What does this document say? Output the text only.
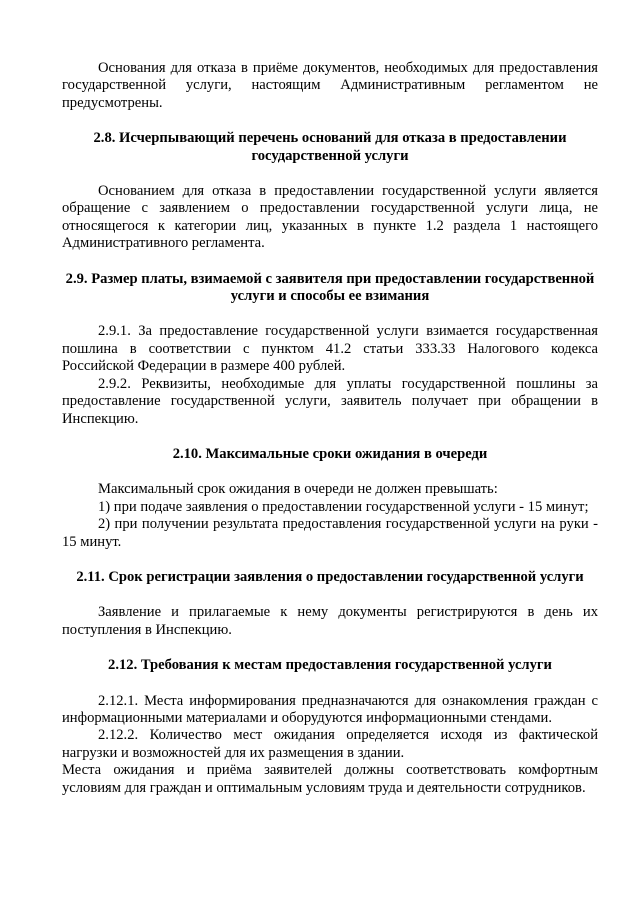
Основания для отказа в приёме документов, необходимых для предоставления государственной услуги, настоящим Административным регламентом не предусмотрены.

2.8. Исчерпывающий перечень оснований для отказа в предоставлении государственной услуги

Основанием для отказа в предоставлении государственной услуги является обращение с заявлением о предоставлении государственной услуги лица, не относящегося к категории лиц, указанных в пункте 1.2 раздела 1 настоящего Административного регламента.

2.9. Размер платы, взимаемой с заявителя при предоставлении государственной услуги и способы ее взимания

2.9.1. За предоставление государственной услуги взимается государственная пошлина в соответствии с пунктом 41.2 статьи 333.33 Налогового кодекса Российской Федерации в размере 400 рублей.

2.9.2. Реквизиты, необходимые для уплаты государственной пошлины за предоставление государственной услуги, заявитель получает при обращении в Инспекцию.

2.10. Максимальные сроки ожидания в очереди

Максимальный срок ожидания в очереди не должен превышать:

1) при подаче заявления о предоставлении государственной услуги - 15 минут;

2) при получении результата предоставления государственной услуги на руки - 15 минут.

2.11. Срок регистрации заявления о предоставлении государственной услуги

Заявление и прилагаемые к нему документы регистрируются в день их поступления в Инспекцию.

2.12. Требования к местам предоставления государственной услуги

2.12.1. Места информирования предназначаются для ознакомления граждан с информационными материалами и оборудуются информационными стендами.

2.12.2. Количество мест ожидания определяется исходя из фактической нагрузки и возможностей для их размещения в здании.

Места ожидания и приёма заявителей должны соответствовать комфортным условиям для граждан и оптимальным условиям труда и деятельности сотрудников.
